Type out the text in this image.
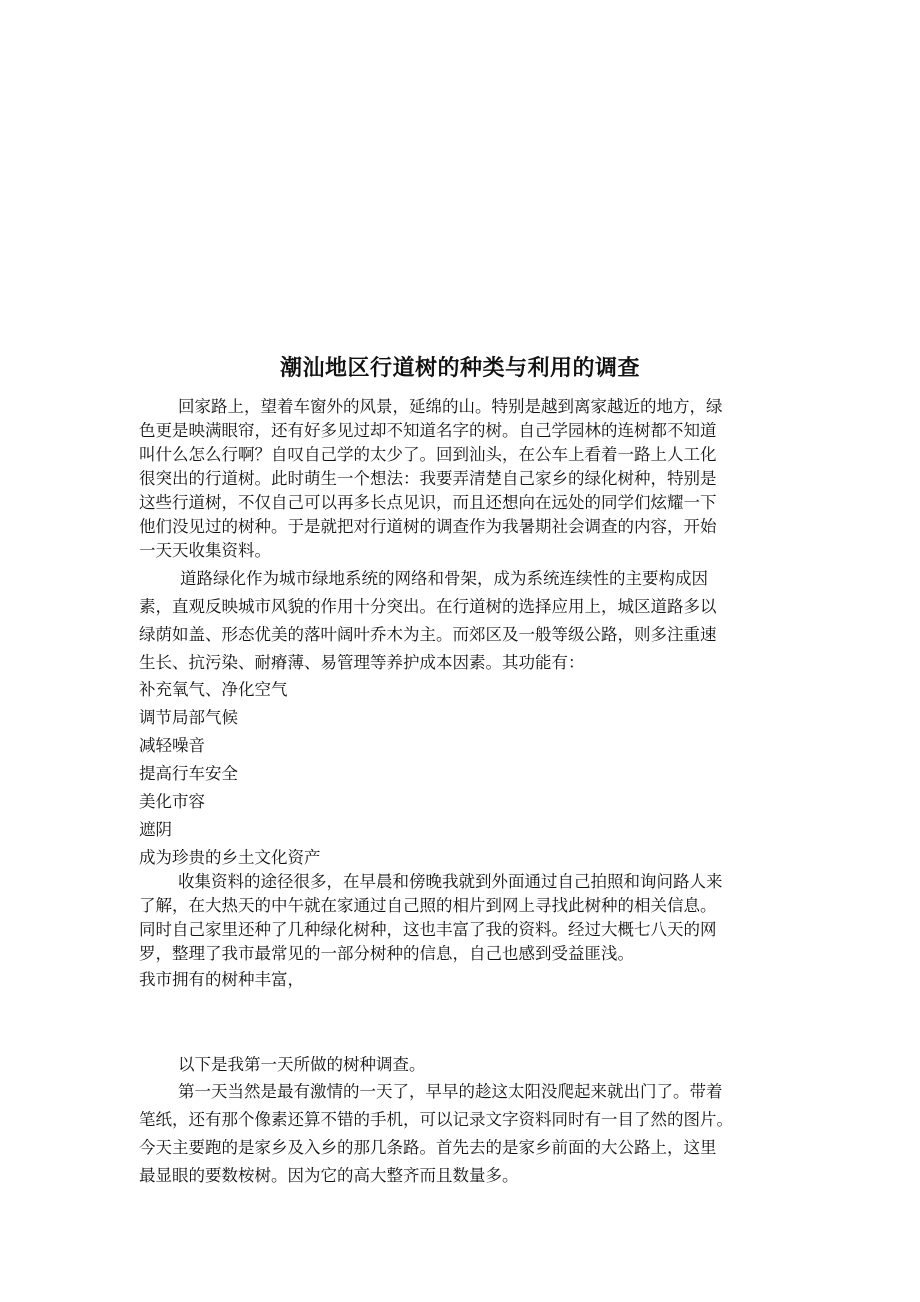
潮汕地区行道树的种类与利用的调查
回家路上，望着车窗外的风景，延绵的山。特别是越到离家越近的地方，绿
色更是映满眼帘，还有好多见过却不知道名字的树。自己学园林的连树都不知道
叫什么怎么行啊？自叹自己学的太少了。回到汕头，在公车上看着一路上人工化
很突出的行道树。此时萌生一个想法：我要弄清楚自己家乡的绿化树种，特别是
这些行道树，不仅自己可以再多长点见识，而且还想向在远处的同学们炫耀一下
他们没见过的树种。于是就把对行道树的调查作为我暑期社会调查的内容，开始
一天天收集资料。
道路绿化作为城市绿地系统的网络和骨架，成为系统连续性的主要构成因
素，直观反映城市风貌的作用十分突出。在行道树的选择应用上，城区道路多以
绿荫如盖、形态优美的落叶阔叶乔木为主。而郊区及一般等级公路，则多注重速
生长、抗污染、耐瘠薄、易管理等养护成本因素。其功能有：
补充氧气、净化空气
调节局部气候
减轻噪音
提高行车安全
美化市容
遮阴
成为珍贵的乡土文化资产
收集资料的途径很多，在早晨和傍晚我就到外面通过自己拍照和询问路人来
了解，在大热天的中午就在家通过自己照的相片到网上寻找此树种的相关信息。
同时自己家里还种了几种绿化树种，这也丰富了我的资料。经过大概七八天的网
罗，整理了我市最常见的一部分树种的信息，自己也感到受益匪浅。
我市拥有的树种丰富，
以下是我第一天所做的树种调查。
第一天当然是最有激情的一天了，早早的趁这太阳没爬起来就出门了。带着
笔纸，还有那个像素还算不错的手机，可以记录文字资料同时有一目了然的图片。
今天主要跑的是家乡及入乡的那几条路。首先去的是家乡前面的大公路上，这里
最显眼的要数桉树。因为它的高大整齐而且数量多。
